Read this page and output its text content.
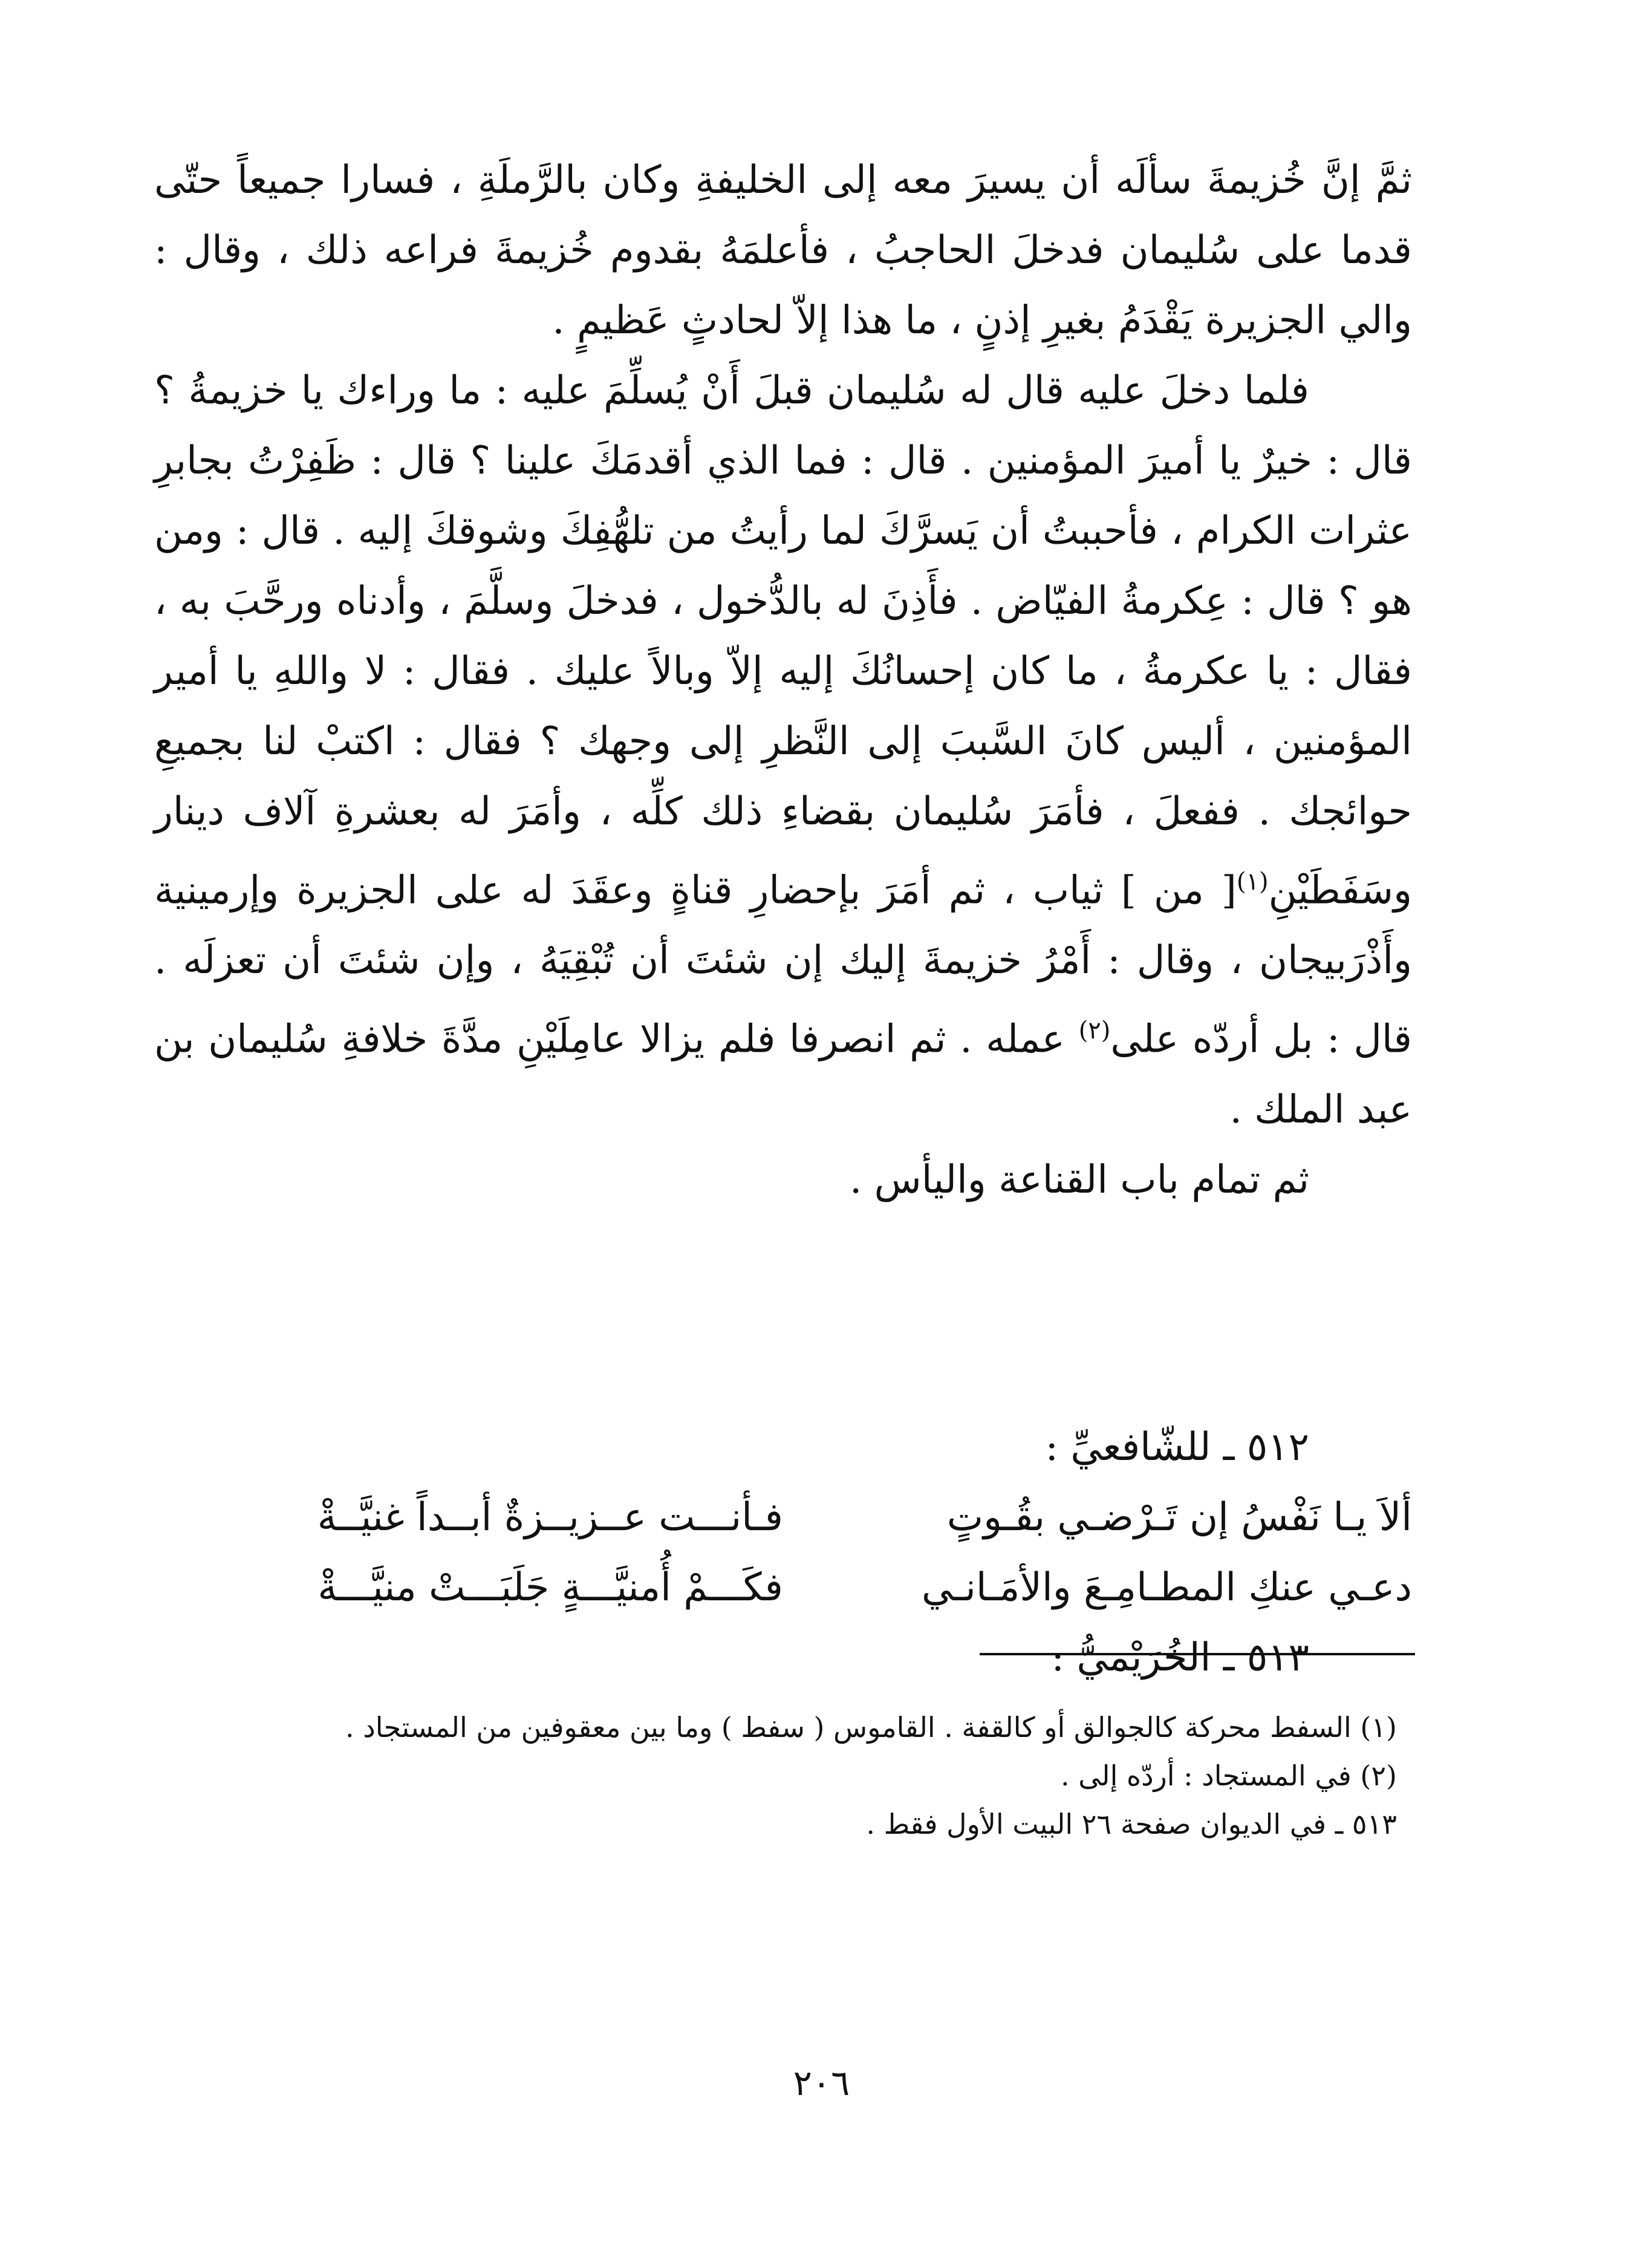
ثمَّ إنَّ خُزيمةَ سألَه أن يسيرَ معه إلى الخليفةِ وكان بالرَّملَةِ ، فسارا جميعاً حتّى قدما على سُليمان فدخلَ الحاجبُ ، فأعلمَهُ بقدوم خُزيمةَ فراعه ذلك ، وقال : والي الجزيرة يَقْدَمُ بغيرِ إذنٍ ، ما هذا إلاّ لحادثٍ عَظيمٍ .

فلما دخلَ عليه قال له سُليمان قبلَ أَنْ يُسلِّمَ عليه : ما وراءك يا خزيمةُ ؟ قال : خيرٌ يا أميرَ المؤمنين . قال : فما الذي أقدمَكَ علينا ؟ قال : ظَفِرْتُ بجابرِ عثرات الكرام ، فأحببتُ أن يَسرَّكَ لما رأيتُ من تلهُّفِكَ وشوقكَ إليه . قال : ومن هو ؟ قال : عِكرمةُ الفيّاض . فأَذِنَ له بالدُّخول ، فدخلَ وسلَّمَ ، وأدناه ورحَّبَ به ، فقال : يا عكرمةُ ، ما كان إحسانُكَ إليه إلاّ وبالاً عليك . فقال : لا واللهِ يا أمير المؤمنين ، أليس كانَ السَّببَ إلى النَّظرِ إلى وجهك ؟ فقال : اكتبْ لنا بجميعِ حوائجك . ففعلَ ، فأمَرَ سُليمان بقضاءِ ذلك كلِّه ، وأمَرَ له بعشرةِ آلاف دينار وسَفَطَيْنِ$^{(١)}$[ من ] ثياب ، ثم أمَرَ بإحضارِ قناةٍ وعقَدَ له على الجزيرة وإرمينية وأَذْرَبيجان ، وقال : أَمْرُ خزيمةَ إليك إن شئتَ أن تُبْقِيَهُ ، وإن شئتَ أن تعزلَه . قال : بل أردّه على$^{(٢)}$ عمله . ثم انصرفا فلم يزالا عامِلَيْنِ مدَّةَ خلافةِ سُليمان بن عبد الملك .

ثم تمام باب القناعة واليأس .

٥١٢ ـ للشّافعيِّ :

ألاَ يـا نَفْسُ إن تَـرْضـي بقُـوتٍ
فـأنـــت عــزيــزةٌ أبــداً غنيَّــةْ
دعـي عنكِ المطـامِـعَ والأمَـانـي
فكَـــمْ أُمنيَّـــةٍ جَلَبَـــتْ منيَّـــةْ

٥١٣ ـ الخُرَيْميُّ :

(١) السفط محركة كالجوالق أو كالقفة . القاموس ( سفط ) وما بين معقوفين من المستجاد .

(٢) في المستجاد : أردّه إلى .

٥١٣ ـ في الديوان صفحة ٢٦ البيت الأول فقط .

٢٠٦
